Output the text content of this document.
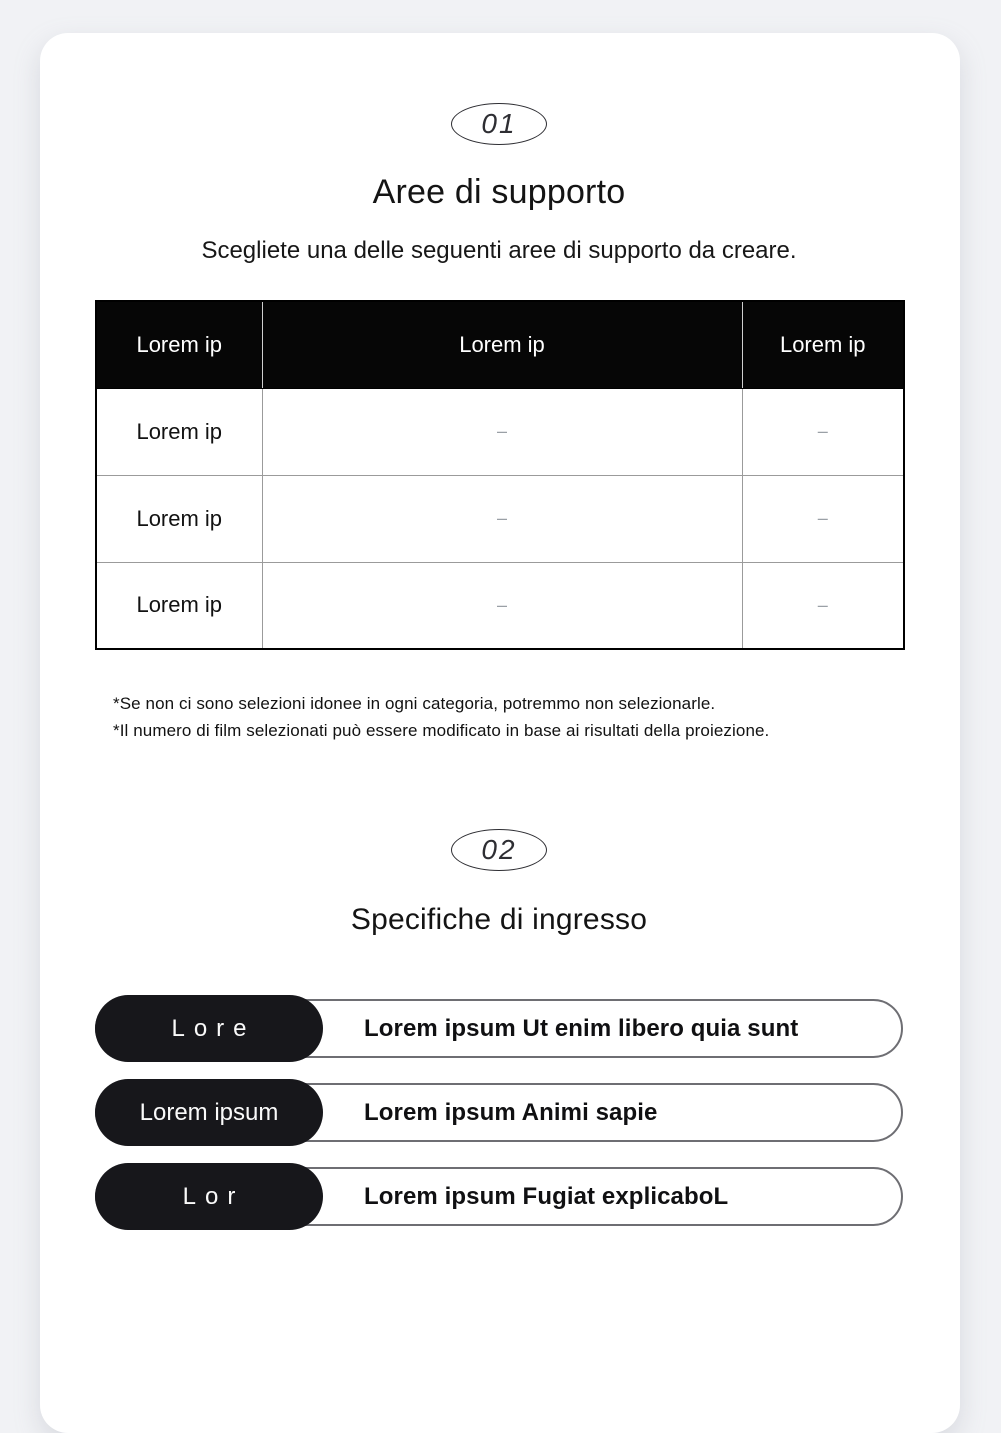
01
Aree di supporto

Scegliete una delle seguenti aree di supporto da creare.

Lorem ip	Lorem ip	Lorem ip
Lorem ip	–	–
Lorem ip	–	–
Lorem ip	–	–
*Se non ci sono selezioni idonee in ogni categoria, potremmo non selezionarle.
*Il numero di film selezionati può essere modificato in base ai risultati della proiezione.
02
Specifiche di ingresso
Lorem ipsum Ut enim libero quia sunt
Lore
Lorem ipsum Animi sapie
Lorem ipsum
Lorem ipsum Fugiat explicaboL
Lor
